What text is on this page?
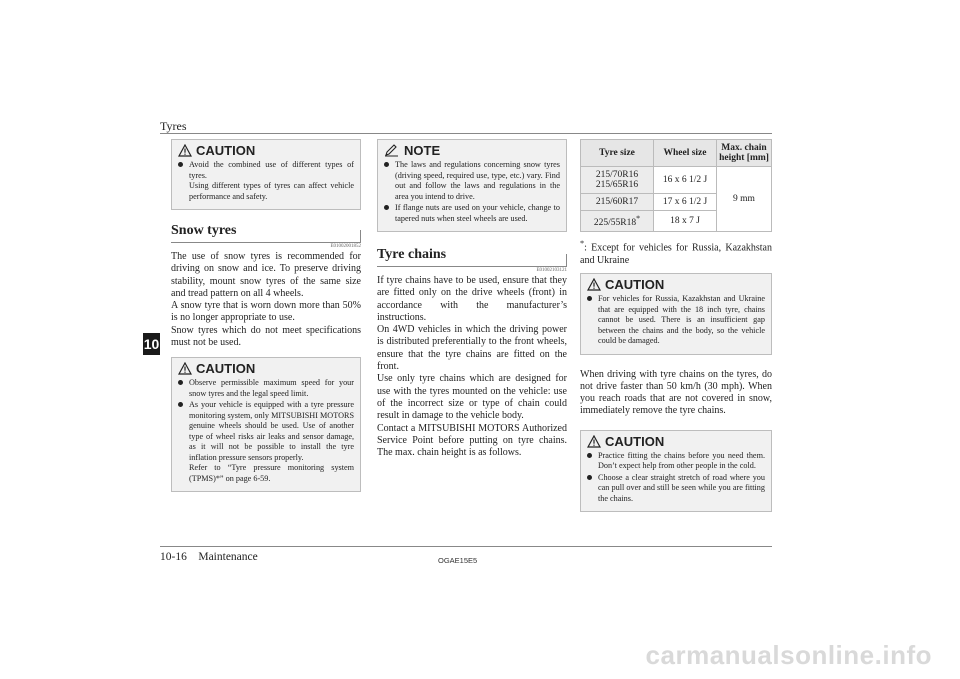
Tyres
10
CAUTION

Avoid the combined use of different types of tyres.

Using different types of tyres can affect vehicle performance and safety.

Snow tyres
E01002001852

The use of snow tyres is recommended for driving on snow and ice. To preserve driving stability, mount snow tyres of the same size and tread pattern on all 4 wheels.

A snow tyre that is worn down more than 50% is no longer appropriate to use.

Snow tyres which do not meet specifications must not be used.

CAUTION

Observe permissible maximum speed for your snow tyres and the legal speed limit.

As your vehicle is equipped with a tyre pressure monitoring system, only MITSUBISHI MOTORS genuine wheels should be used. Use of another type of wheel risks air leaks and sensor damage, as it will not be possible to install the tyre inflation pressure sensors properly.

Refer to “Tyre pressure monitoring system (TPMS)*” on page 6-59.

NOTE

The laws and regulations concerning snow tyres (driving speed, required use, type, etc.) vary. Find out and follow the laws and regulations in the area you intend to drive.

If flange nuts are used on your vehicle, change to tapered nuts when steel wheels are used.

Tyre chains
E01002103121

If tyre chains have to be used, ensure that they are fitted only on the drive wheels (front) in accordance with the manufacturer’s instructions.

On 4WD vehicles in which the driving power is distributed preferentially to the front wheels, ensure that the tyre chains are fitted on the front.

Use only tyre chains which are designed for use with the tyres mounted on the vehicle: use of the incorrect size or type of chain could result in damage to the vehicle body.

Contact a MITSUBISHI MOTORS Authorized Service Point before putting on tyre chains. The max. chain height is as follows.

Tyre size	Wheel size	Max. chain height [mm]
215/70R16
215/65R16	16 x 6 1/2 J	9 mm
215/60R17	17 x 6 1/2 J	
225/55R18*	18 x 7 J	
*: Except for vehicles for Russia, Kazakhstan and Ukraine
CAUTION

For vehicles for Russia, Kazakhstan and Ukraine that are equipped with the 18 inch tyre, chains cannot be used. There is an insufficient gap between the chains and the body, so the vehicle could be damaged.

When driving with tyre chains on the tyres, do not drive faster than 50 km/h (30 mph). When you reach roads that are not covered in snow, immediately remove the tyre chains.

CAUTION

Practice fitting the chains before you need them. Don’t expect help from other people in the cold.

Choose a clear straight stretch of road where you can pull over and still be seen while you are fitting the chains.

10-16 Maintenance	OGAE15E5
carmanualsonline.info
